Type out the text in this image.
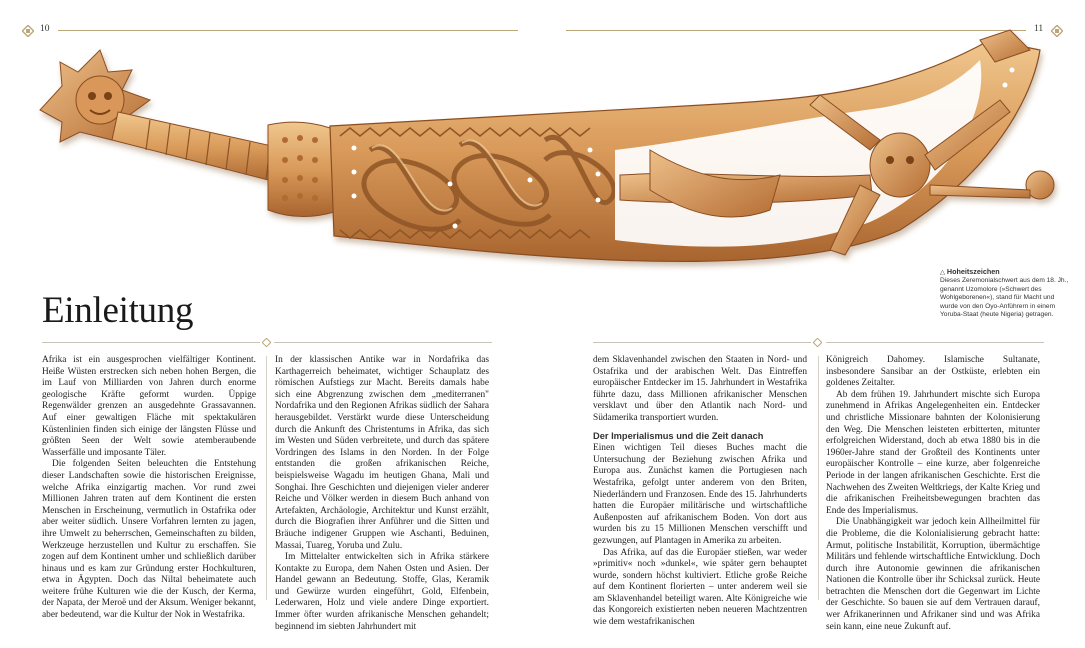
10	11
△ Hoheitszeichen
Dieses Zeremonialschwert aus dem 18. Jh., genannt Uzomolore (»Schwert des Wohlgeborenen«), stand für Macht und wurde von den Oyo-Anführern in einem Yoruba-Staat (heute Nigeria) getragen.
Einleitung

Afrika ist ein ausgesprochen vielfältiger Kontinent. Heiße Wüsten erstrecken sich neben hohen Bergen, die im Lauf von Milliarden von Jahren durch enorme geologische Kräfte geformt wurden. Üppige Regenwälder grenzen an ausgedehnte Grassavannen. Auf einer gewaltigen Fläche mit spektakulären Küstenlinien finden sich einige der längsten Flüsse und größten Seen der Welt sowie atemberaubende Wasserfälle und imposante Täler.

Die folgenden Seiten beleuchten die Entstehung dieser Landschaften sowie die historischen Ereignisse, welche Afrika einzigartig machen. Vor rund zwei Millionen Jahren traten auf dem Kontinent die ersten Menschen in Erscheinung, vermutlich in Ostafrika oder aber weiter südlich. Unsere Vorfahren lernten zu jagen, ihre Umwelt zu beherrschen, Gemeinschaften zu bilden, Werkzeuge herzustellen und Kultur zu erschaffen. Sie zogen auf dem Kontinent umher und schließlich darüber hinaus und es kam zur Gründung erster Hochkulturen, etwa in Ägypten. Doch das Niltal beheimatete auch weitere frühe Kulturen wie die der Kusch, der Kerma, der Napata, der Meroë und der Aksum. Weniger bekannt, aber bedeutend, war die Kultur der Nok in Westafrika.

In der klassischen Antike war in Nordafrika das Karthagerreich beheimatet, wichtiger Schauplatz des römischen Aufstiegs zur Macht. Bereits damals habe sich eine Abgrenzung zwischen dem „mediterranen" Nordafrika und den Regionen Afrikas südlich der Sahara herausgebildet. Verstärkt wurde diese Unterscheidung durch die Ankunft des Christentums in Afrika, das sich im Westen und Süden verbreitete, und durch das spätere Vordringen des Islams in den Norden. In der Folge entstanden die großen afrikanischen Reiche, beispielsweise Wagadu im heutigen Ghana, Mali und Songhai. Ihre Geschichten und diejenigen vieler anderer Reiche und Völker werden in diesem Buch anhand von Artefakten, Archäologie, Architektur und Kunst erzählt, durch die Biografien ihrer Anführer und die Sitten und Bräuche indigener Gruppen wie Aschanti, Beduinen, Massai, Tuareg, Yoruba und Zulu.

Im Mittelalter entwickelten sich in Afrika stärkere Kontakte zu Europa, dem Nahen Osten und Asien. Der Handel gewann an Bedeutung. Stoffe, Glas, Keramik und Gewürze wurden eingeführt, Gold, Elfenbein, Lederwaren, Holz und viele andere Dinge exportiert. Immer öfter wurden afrikanische Menschen gehandelt; beginnend im siebten Jahrhundert mit

dem Sklavenhandel zwischen den Staaten in Nord- und Ostafrika und der arabischen Welt. Das Eintreffen europäischer Entdecker im 15. Jahrhundert in Westafrika führte dazu, dass Millionen afrikanischer Menschen versklavt und über den Atlantik nach Nord- und Südamerika transportiert wurden.

Der Imperialismus und die Zeit danach

Einen wichtigen Teil dieses Buches macht die Untersuchung der Beziehung zwischen Afrika und Europa aus. Zunächst kamen die Portugiesen nach Westafrika, gefolgt unter anderem von den Briten, Niederländern und Franzosen. Ende des 15. Jahrhunderts hatten die Europäer militärische und wirtschaftliche Außenposten auf afrikanischem Boden. Von dort aus wurden bis zu 15 Millionen Menschen verschifft und gezwungen, auf Plantagen in Amerika zu arbeiten.

Das Afrika, auf das die Europäer stießen, war weder »primitiv« noch »dunkel«, wie später gern behauptet wurde, sondern höchst kultiviert. Etliche große Reiche auf dem Kontinent florierten – unter anderem weil sie am Sklavenhandel beteiligt waren. Alte Königreiche wie das Kongoreich existierten neben neueren Machtzentren wie dem westafrikanischen

Königreich Dahomey. Islamische Sultanate, insbesondere Sansibar an der Ostküste, erlebten ein goldenes Zeitalter.

Ab dem frühen 19. Jahrhundert mischte sich Europa zunehmend in Afrikas Angelegenheiten ein. Entdecker und christliche Missionare bahnten der Kolonisierung den Weg. Die Menschen leisteten erbitterten, mitunter erfolgreichen Widerstand, doch ab etwa 1880 bis in die 1960er-Jahre stand der Großteil des Kontinents unter europäischer Kontrolle – eine kurze, aber folgenreiche Periode in der langen afrikanischen Geschichte. Erst die Nachwehen des Zweiten Weltkriegs, der Kalte Krieg und die afrikanischen Freiheitsbewegungen brachten das Ende des Imperialismus.

Die Unabhängigkeit war jedoch kein Allheilmittel für die Probleme, die die Kolonialisierung gebracht hatte: Armut, politische Instabilität, Korruption, übermächtige Militärs und fehlende wirtschaftliche Entwicklung. Doch durch ihre Autonomie gewinnen die afrikanischen Nationen die Kontrolle über ihr Schicksal zurück. Heute betrachten die Menschen dort die Gegenwart im Lichte der Geschichte. So bauen sie auf dem Vertrauen darauf, wer Afrikanerinnen und Afrikaner sind und was Afrika sein kann, eine neue Zukunft auf.
